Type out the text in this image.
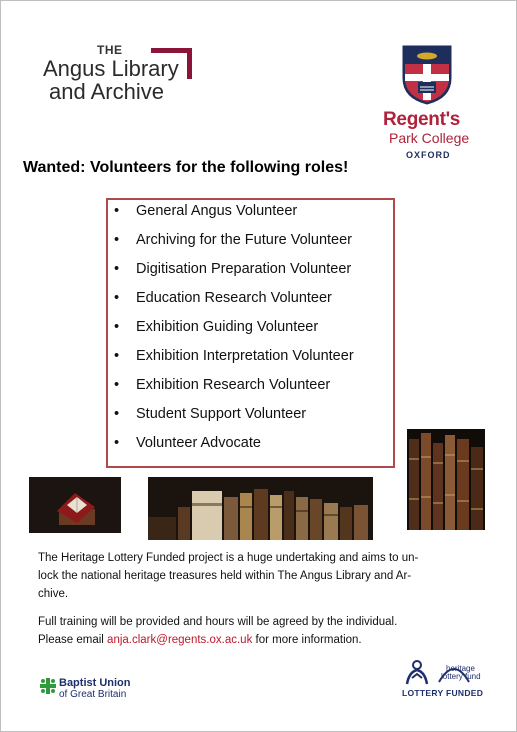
THE
Angus Library
and Archive
Regent's
Park College
OXFORD
Wanted: Volunteers for the following roles!
• General Angus Volunteer
• Archiving for the Future Volunteer
• Digitisation Preparation Volunteer
• Education Research Volunteer
• Exhibition Guiding Volunteer
• Exhibition Interpretation Volunteer
• Exhibition Research Volunteer
• Student Support Volunteer
• Volunteer Advocate
The Heritage Lottery Funded project is a huge undertaking and aims to un-
lock the national heritage treasures held within The Angus Library and Ar-
chive.
Full training will be provided and hours will be agreed by the individual.
Please email anja.clark@regents.ox.ac.uk for more information.
Baptist Union
of Great Britain
heritage
lottery fund
LOTTERY FUNDED
